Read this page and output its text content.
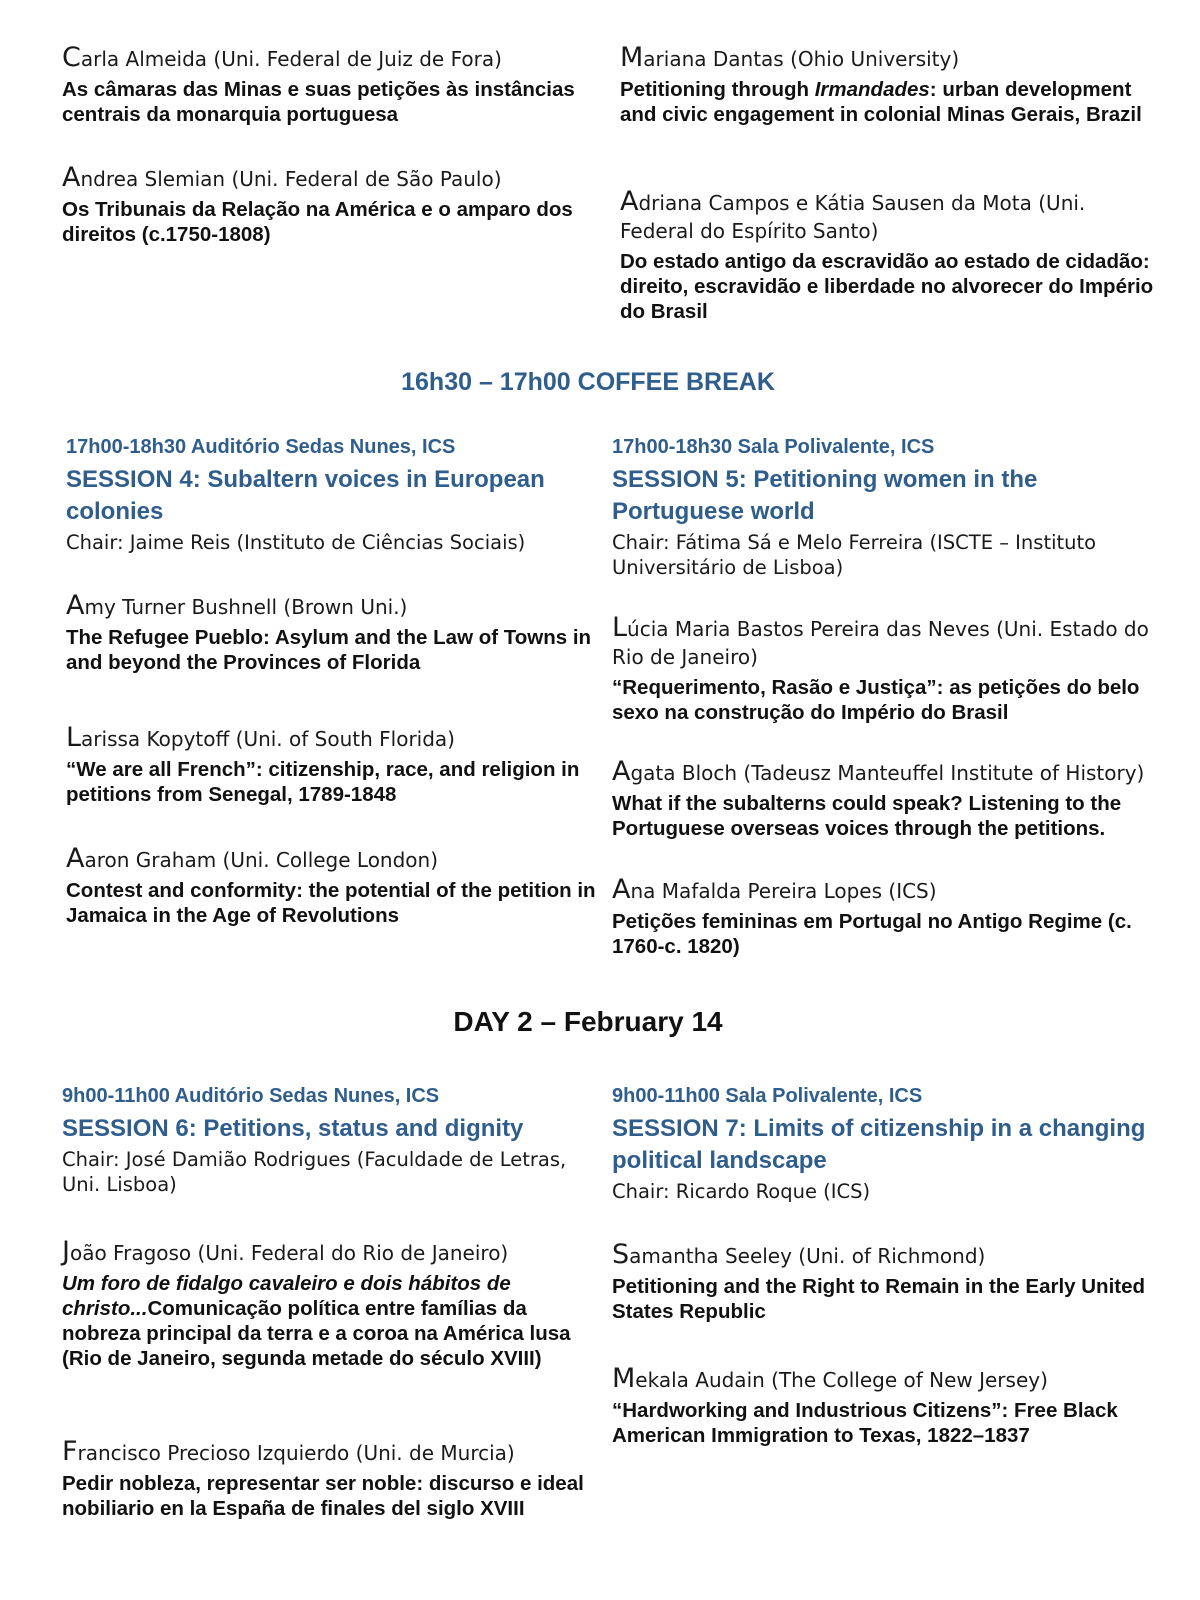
Carla Almeida (Uni. Federal de Juiz de Fora)
As câmaras das Minas e suas petições às instâncias centrais da monarquia portuguesa
Andrea Slemian (Uni. Federal de São Paulo)
Os Tribunais da Relação na América e o amparo dos direitos (c.1750-1808)
Mariana Dantas (Ohio University)
Petitioning through Irmandades: urban development and civic engagement in colonial Minas Gerais, Brazil
Adriana Campos e Kátia Sausen da Mota (Uni. Federal do Espírito Santo)
Do estado antigo da escravidão ao estado de cidadão: direito, escravidão e liberdade no alvorecer do Império do Brasil
16h30 – 17h00 COFFEE BREAK
17h00-18h30 Auditório Sedas Nunes, ICS
SESSION 4: Subaltern voices in European colonies
Chair: Jaime Reis (Instituto de Ciências Sociais)
Amy Turner Bushnell (Brown Uni.)
The Refugee Pueblo: Asylum and the Law of Towns in and beyond the Provinces of Florida
Larissa Kopytoff (Uni. of South Florida)
“We are all French”: citizenship, race, and religion in petitions from Senegal, 1789-1848
Aaron Graham (Uni. College London)
Contest and conformity: the potential of the petition in Jamaica in the Age of Revolutions
17h00-18h30 Sala Polivalente, ICS
SESSION 5: Petitioning women in the Portuguese world
Chair: Fátima Sá e Melo Ferreira (ISCTE – Instituto Universitário de Lisboa)
Lúcia Maria Bastos Pereira das Neves (Uni. Estado do Rio de Janeiro)
“Requerimento, Rasão e Justiça”: as petições do belo sexo na construção do Império do Brasil
Agata Bloch (Tadeusz Manteuffel Institute of History)
What if the subalterns could speak? Listening to the Portuguese overseas voices through the petitions.
Ana Mafalda Pereira Lopes (ICS)
Petições femininas em Portugal no Antigo Regime (c. 1760-c. 1820)
DAY 2 – February 14
9h00-11h00 Auditório Sedas Nunes, ICS
SESSION 6: Petitions, status and dignity
Chair: José Damião Rodrigues (Faculdade de Letras, Uni. Lisboa)
João Fragoso (Uni. Federal do Rio de Janeiro)
Um foro de fidalgo cavaleiro e dois hábitos de christo...Comunicação política entre famílias da nobreza principal da terra e a coroa na América lusa (Rio de Janeiro, segunda metade do século XVIII)
Francisco Precioso Izquierdo (Uni. de Murcia)
Pedir nobleza, representar ser noble: discurso e ideal nobiliario en la España de finales del siglo XVIII
9h00-11h00 Sala Polivalente, ICS
SESSION 7: Limits of citizenship in a changing political landscape
Chair: Ricardo Roque (ICS)
Samantha Seeley (Uni. of Richmond)
Petitioning and the Right to Remain in the Early United States Republic
Mekala Audain (The College of New Jersey)
“Hardworking and Industrious Citizens”: Free Black American Immigration to Texas, 1822–1837
